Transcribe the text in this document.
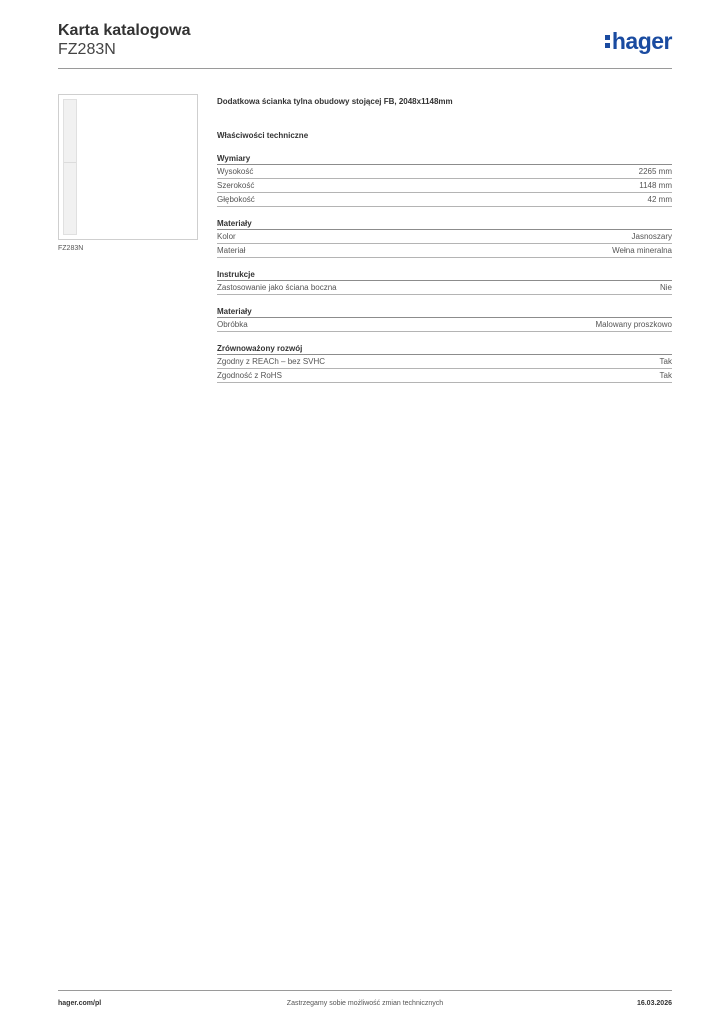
Karta katalogowa
FZ283N	hager
FZ283N
Dodatkowa ścianka tylna obudowy stojącej FB, 2048x1148mm
Właściwości techniczne
Wymiary
Wysokość	2265 mm
Szerokość	1148 mm
Głębokość	42 mm
Materiały
Kolor	Jasnoszary
Materiał	Wełna mineralna
Instrukcje
Zastosowanie jako ściana boczna	Nie
Materiały
Obróbka	Malowany proszkowo
Zrównoważony rozwój
Zgodny z REACh – bez SVHC	Tak
Zgodność z RoHS	Tak
Zastrzegamy sobie możliwość zmian technicznych
hager.com/pl	16.03.2026
